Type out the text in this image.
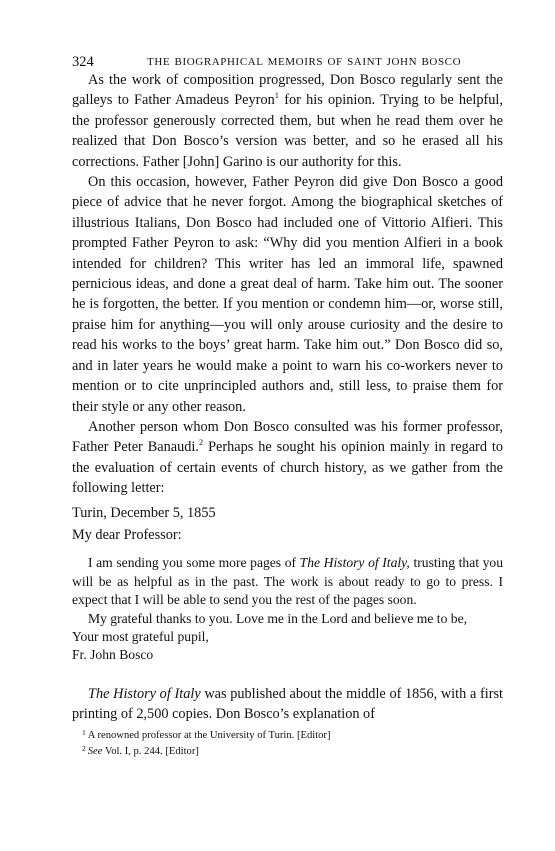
324	THE BIOGRAPHICAL MEMOIRS OF SAINT JOHN BOSCO

As the work of composition progressed, Don Bosco regularly sent the galleys to Father Amadeus Peyron$^1$ for his opinion. Trying to be helpful, the professor generously corrected them, but when he read them over he realized that Don Bosco’s version was better, and so he erased all his corrections. Father [John] Garino is our authority for this.

On this occasion, however, Father Peyron did give Don Bosco a good piece of advice that he never forgot. Among the biographical sketches of illustrious Italians, Don Bosco had included one of Vittorio Alfieri. This prompted Father Peyron to ask: “Why did you mention Alfieri in a book intended for children? This writer has led an immoral life, spawned pernicious ideas, and done a great deal of harm. Take him out. The sooner he is forgotten, the better. If you mention or condemn him—or, worse still, praise him for anything—you will only arouse curiosity and the desire to read his works to the boys’ great harm. Take him out.” Don Bosco did so, and in later years he would make a point to warn his co-workers never to mention or to cite unprincipled authors and, still less, to praise them for their style or any other reason.

Another person whom Don Bosco consulted was his former professor, Father Peter Banaudi.$^2$ Perhaps he sought his opinion mainly in regard to the evaluation of certain events of church history, as we gather from the following letter:

Turin, December 5, 1855

My dear Professor:

I am sending you some more pages of The History of Italy, trusting that you will be as helpful as in the past. The work is about ready to go to press. I expect that I will be able to send you the rest of the pages soon.

My grateful thanks to you. Love me in the Lord and believe me to be,

Your most grateful pupil,

Fr. John Bosco

The History of Italy was published about the middle of 1856, with a first printing of 2,500 copies. Don Bosco’s explanation of

$^1$ A renowned professor at the University of Turin. [Editor]
$^2$ See Vol. I, p. 244. [Editor]
